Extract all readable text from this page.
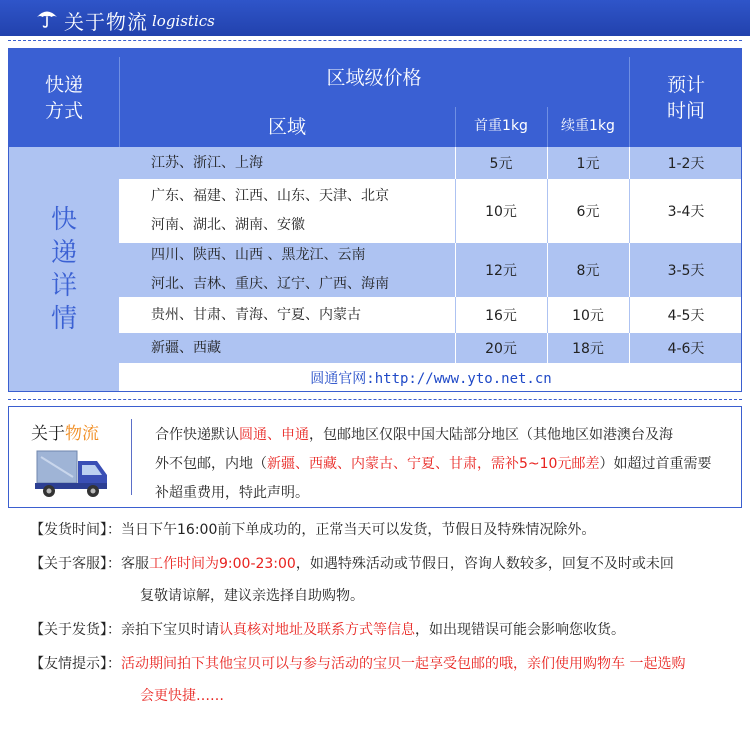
关于物流 logistics
快递方式
区域级价格	预计时间
区域	首重1kg	续重1kg
快递详情
江苏、浙江、上海	5元	1元	1-2天
广东、福建、江西、山东、天津、北京
河南、湖北、湖南、安徽
10元	6元	3-4天
四川、陕西、山西 、黑龙江、云南
河北、吉林、重庆、辽宁、广西、海南
12元	8元	3-5天
贵州、甘肃、青海、宁夏、内蒙古	16元	10元	4-5天
新疆、西藏	20元	18元	4-6天
圆通官网:http://www.yto.net.cn
关于物流	合作快递默认圆通、申通，包邮地区仅限中国大陆部分地区（其他地区如港澳台及海
外不包邮，内地（新疆、西藏、内蒙古、宁夏、甘肃，需补5~10元邮差）如超过首重需要
补超重费用，特此声明。
【发货时间】：当日下午16:00前下单成功的，正常当天可以发货，节假日及特殊情况除外。
【关于客服】：客服工作时间为9:00-23:00，如遇特殊活动或节假日，咨询人数较多，回复不及时或未回
复敬请谅解，建议亲选择自助购物。
【关于发货】：亲拍下宝贝时请认真核对地址及联系方式等信息，如出现错误可能会影响您收货。
【友情提示】：活动期间拍下其他宝贝可以与参与活动的宝贝一起享受包邮的哦，亲们使用购物车 一起选购
会更快捷……
